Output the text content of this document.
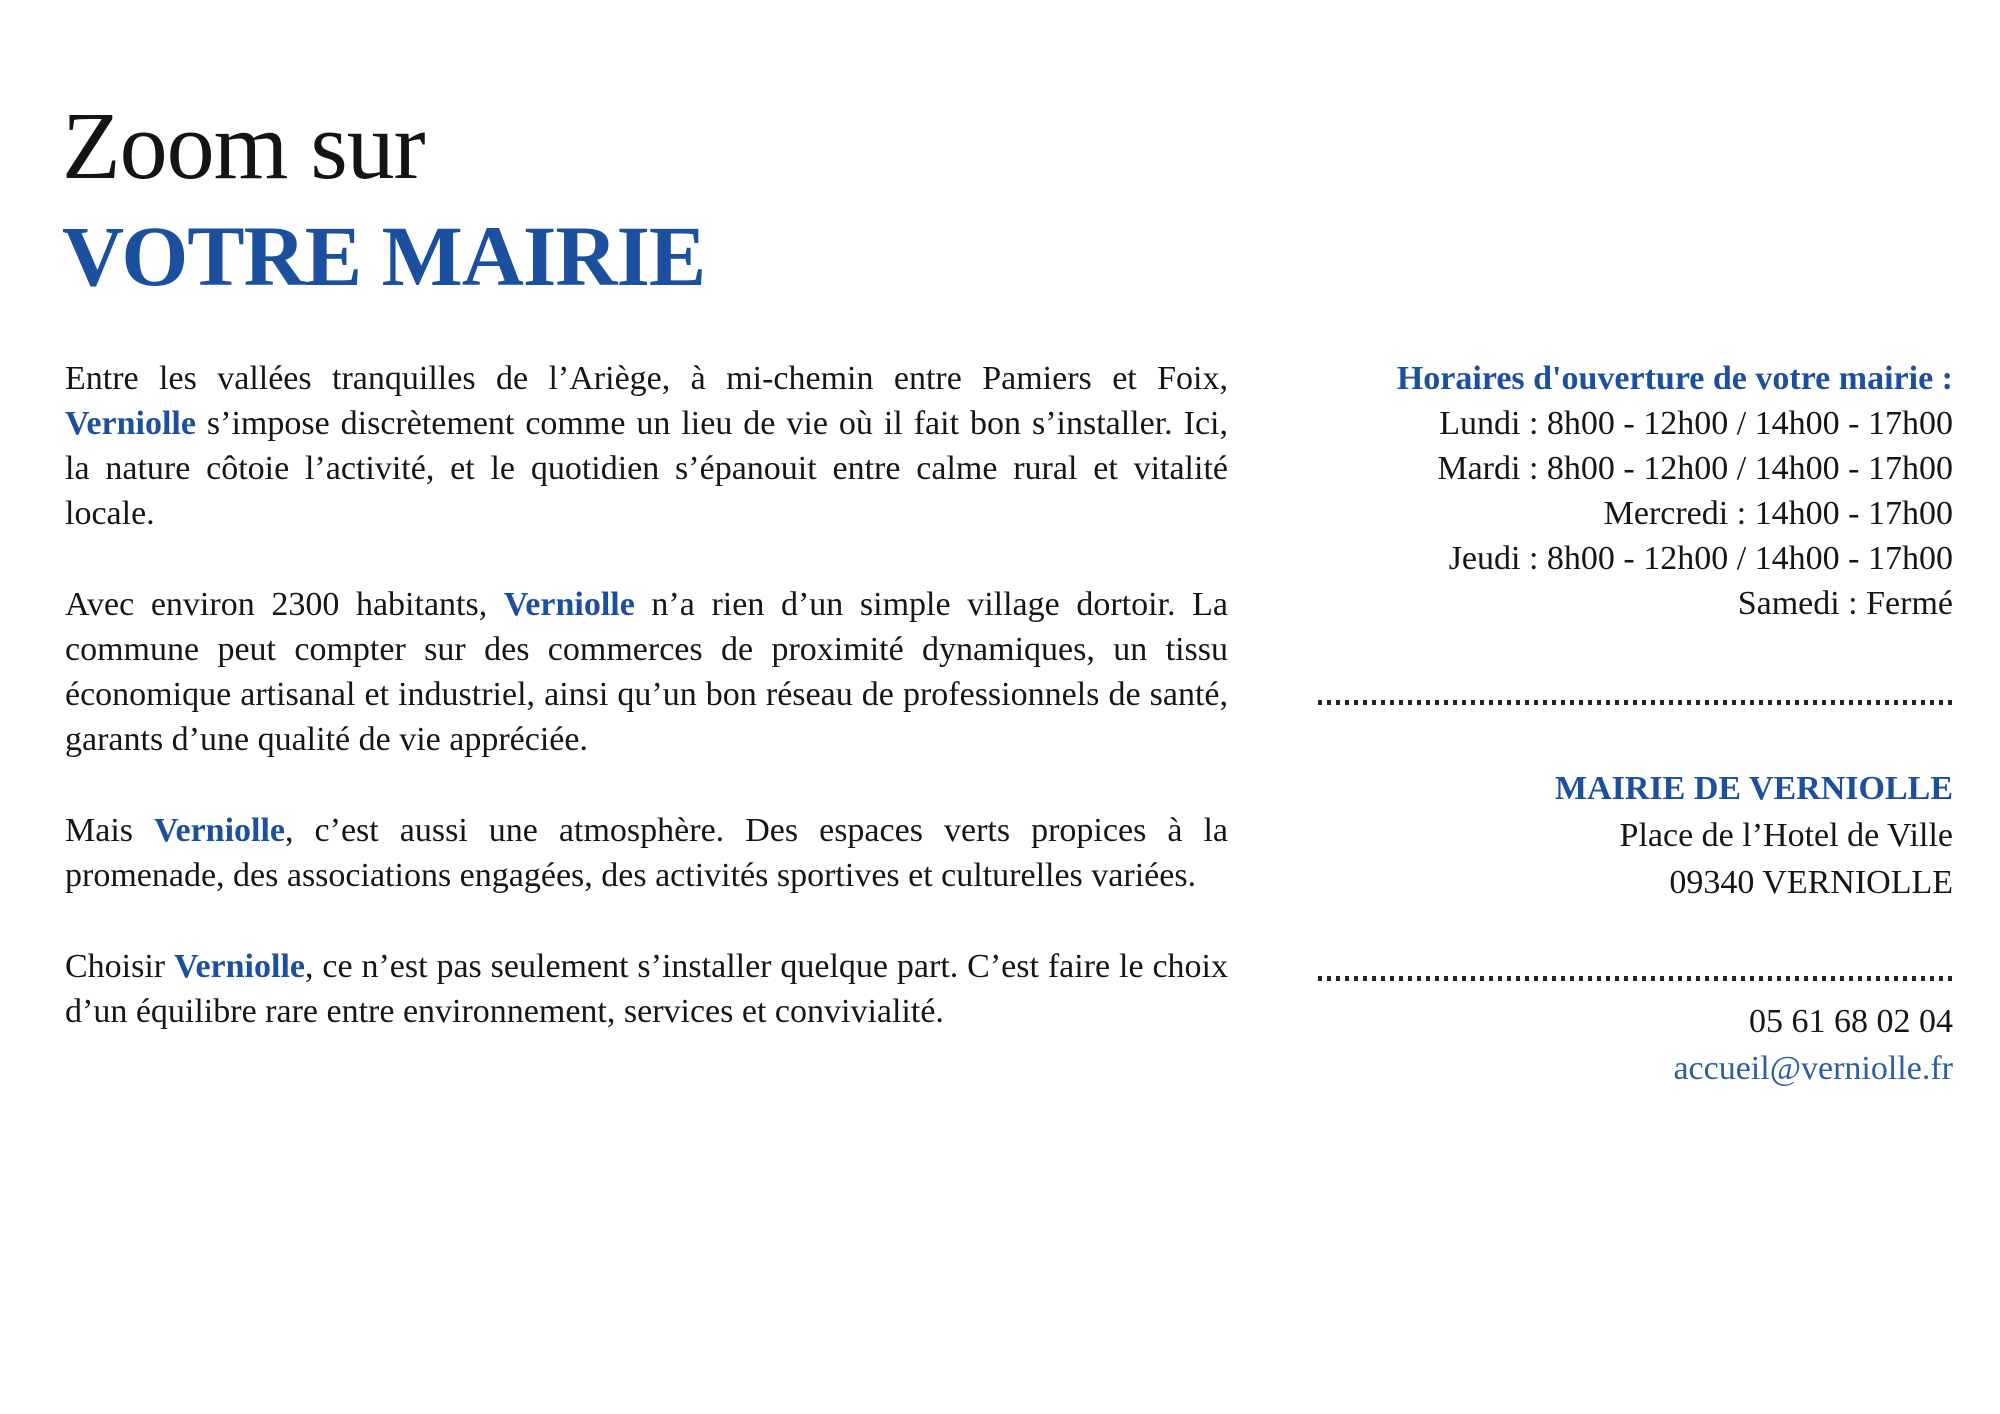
Zoom sur
VOTRE MAIRIE

Entre les vallées tranquilles de l’Ariège, à mi-chemin entre Pamiers et Foix, Verniolle s’impose discrètement comme un lieu de vie où il fait bon s’installer. Ici, la nature côtoie l’activité, et le quotidien s’épanouit entre calme rural et vitalité locale.

Avec environ 2300 habitants, Verniolle n’a rien d’un simple village dortoir. La commune peut compter sur des commerces de proximité dynamiques, un tissu économique artisanal et industriel, ainsi qu’un bon réseau de professionnels de santé, garants d’une qualité de vie appréciée.

Mais Verniolle, c’est aussi une atmosphère. Des espaces verts propices à la promenade, des associations engagées, des activités sportives et culturelles variées.

Choisir Verniolle, ce n’est pas seulement s’installer quelque part. C’est faire le choix d’un équilibre rare entre environnement, services et convivialité.

Horaires d'ouverture de votre mairie :
Lundi : 8h00 - 12h00 / 14h00 - 17h00
Mardi : 8h00 - 12h00 / 14h00 - 17h00
Mercredi : 14h00 - 17h00
Jeudi : 8h00 - 12h00 / 14h00 - 17h00
Samedi : Fermé
MAIRIE DE VERNIOLLE
Place de l’Hotel de Ville
09340 VERNIOLLE
05 61 68 02 04
accueil@verniolle.fr
